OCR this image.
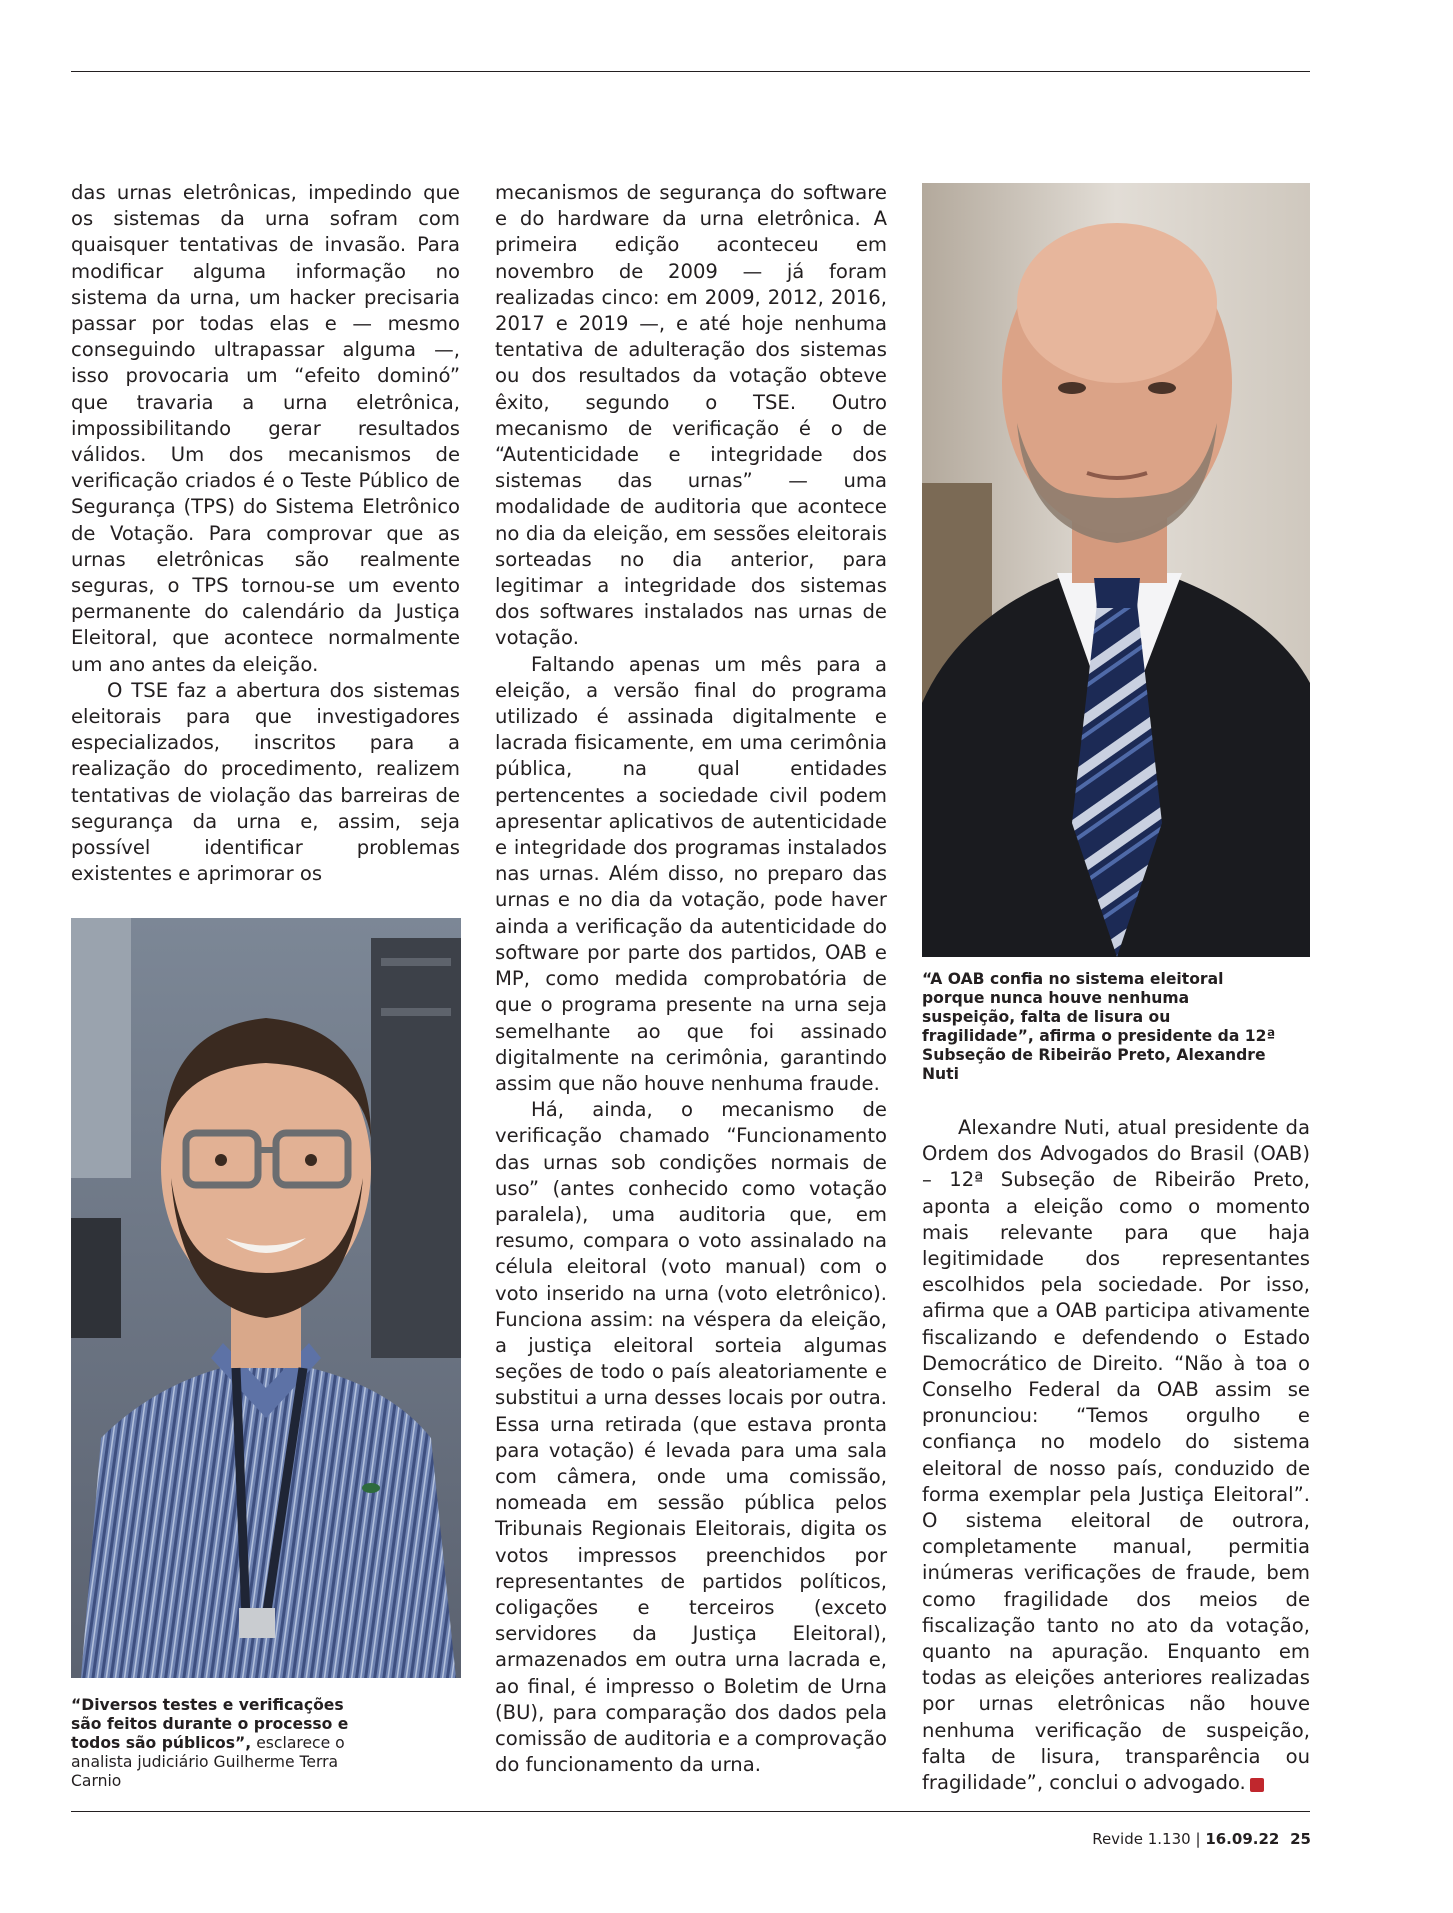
das urnas eletrônicas, impedindo que os sistemas da urna sofram com quaisquer tentativas de invasão. Para modificar alguma informação no sistema da urna, um hacker precisaria passar por todas elas e — mesmo conseguindo ultrapassar alguma —, isso provocaria um “efeito dominó” que travaria a urna eletrônica, impossibilitando gerar resultados válidos. Um dos mecanismos de verificação criados é o Teste Público de Segurança (TPS) do Sistema Eletrônico de Votação. Para comprovar que as urnas eletrônicas são realmente seguras, o TPS tornou-se um evento permanente do calendário da Justiça Eleitoral, que acontece normalmente um ano antes da eleição.

O TSE faz a abertura dos sistemas eleitorais para que investigadores especializados, inscritos para a realização do procedimento, realizem tentativas de violação das barreiras de segurança da urna e, assim, seja possível identificar problemas existentes e aprimorar os

“Diversos testes e verificações são feitos durante o processo e todos são públicos”, esclarece o analista judiciário Guilherme Terra Carnio

mecanismos de segurança do software e do hardware da urna eletrônica. A primeira edição aconteceu em novembro de 2009 — já foram realizadas cinco: em 2009, 2012, 2016, 2017 e 2019 —, e até hoje nenhuma tentativa de adulteração dos sistemas ou dos resultados da votação obteve êxito, segundo o TSE. Outro mecanismo de verificação é o de “Autenticidade e integridade dos sistemas das urnas” — uma modalidade de auditoria que acontece no dia da eleição, em sessões eleitorais sorteadas no dia anterior, para legitimar a integridade dos sistemas dos softwares instalados nas urnas de votação.

Faltando apenas um mês para a eleição, a versão final do programa utilizado é assinada digitalmente e lacrada fisicamente, em uma cerimônia pública, na qual entidades pertencentes a sociedade civil podem apresentar aplicativos de autenticidade e integridade dos programas instalados nas urnas. Além disso, no preparo das urnas e no dia da votação, pode haver ainda a verificação da autenticidade do software por parte dos partidos, OAB e MP, como medida comprobatória de que o programa presente na urna seja semelhante ao que foi assinado digitalmente na cerimônia, garantindo assim que não houve nenhuma fraude.

Há, ainda, o mecanismo de verificação chamado “Funcionamento das urnas sob condições normais de uso” (antes conhecido como votação paralela), uma auditoria que, em resumo, compara o voto assinalado na célula eleitoral (voto manual) com o voto inserido na urna (voto eletrônico). Funciona assim: na véspera da eleição, a justiça eleitoral sorteia algumas seções de todo o país aleatoriamente e substitui a urna desses locais por outra. Essa urna retirada (que estava pronta para votação) é levada para uma sala com câmera, onde uma comissão, nomeada em sessão pública pelos Tribunais Regionais Eleitorais, digita os votos impressos preenchidos por representantes de partidos políticos, coligações e terceiros (exceto servidores da Justiça Eleitoral), armazenados em outra urna lacrada e, ao final, é impresso o Boletim de Urna (BU), para comparação dos dados pela comissão de auditoria e a comprovação do funcionamento da urna.

“A OAB confia no sistema eleitoral porque nunca houve nenhuma suspeição, falta de lisura ou fragilidade”, afirma o presidente da 12ª Subseção de Ribeirão Preto, Alexandre Nuti

Alexandre Nuti, atual presidente da Ordem dos Advogados do Brasil (OAB) – 12ª Subseção de Ribeirão Preto, aponta a eleição como o momento mais relevante para que haja legitimidade dos representantes escolhidos pela sociedade. Por isso, afirma que a OAB participa ativamente fiscalizando e defendendo o Estado Democrático de Direito. “Não à toa o Conselho Federal da OAB assim se pronunciou: “Temos orgulho e confiança no modelo do sistema eleitoral de nosso país, conduzido de forma exemplar pela Justiça Eleitoral”. O sistema eleitoral de outrora, completamente manual, permitia inúmeras verificações de fraude, bem como fragilidade dos meios de fiscalização tanto no ato da votação, quanto na apuração. Enquanto em todas as eleições anteriores realizadas por urnas eletrônicas não houve nenhuma verificação de suspeição, falta de lisura, transparência ou fragilidade”, conclui o advogado.	R

Revide 1.130 | 16.09.22 25
